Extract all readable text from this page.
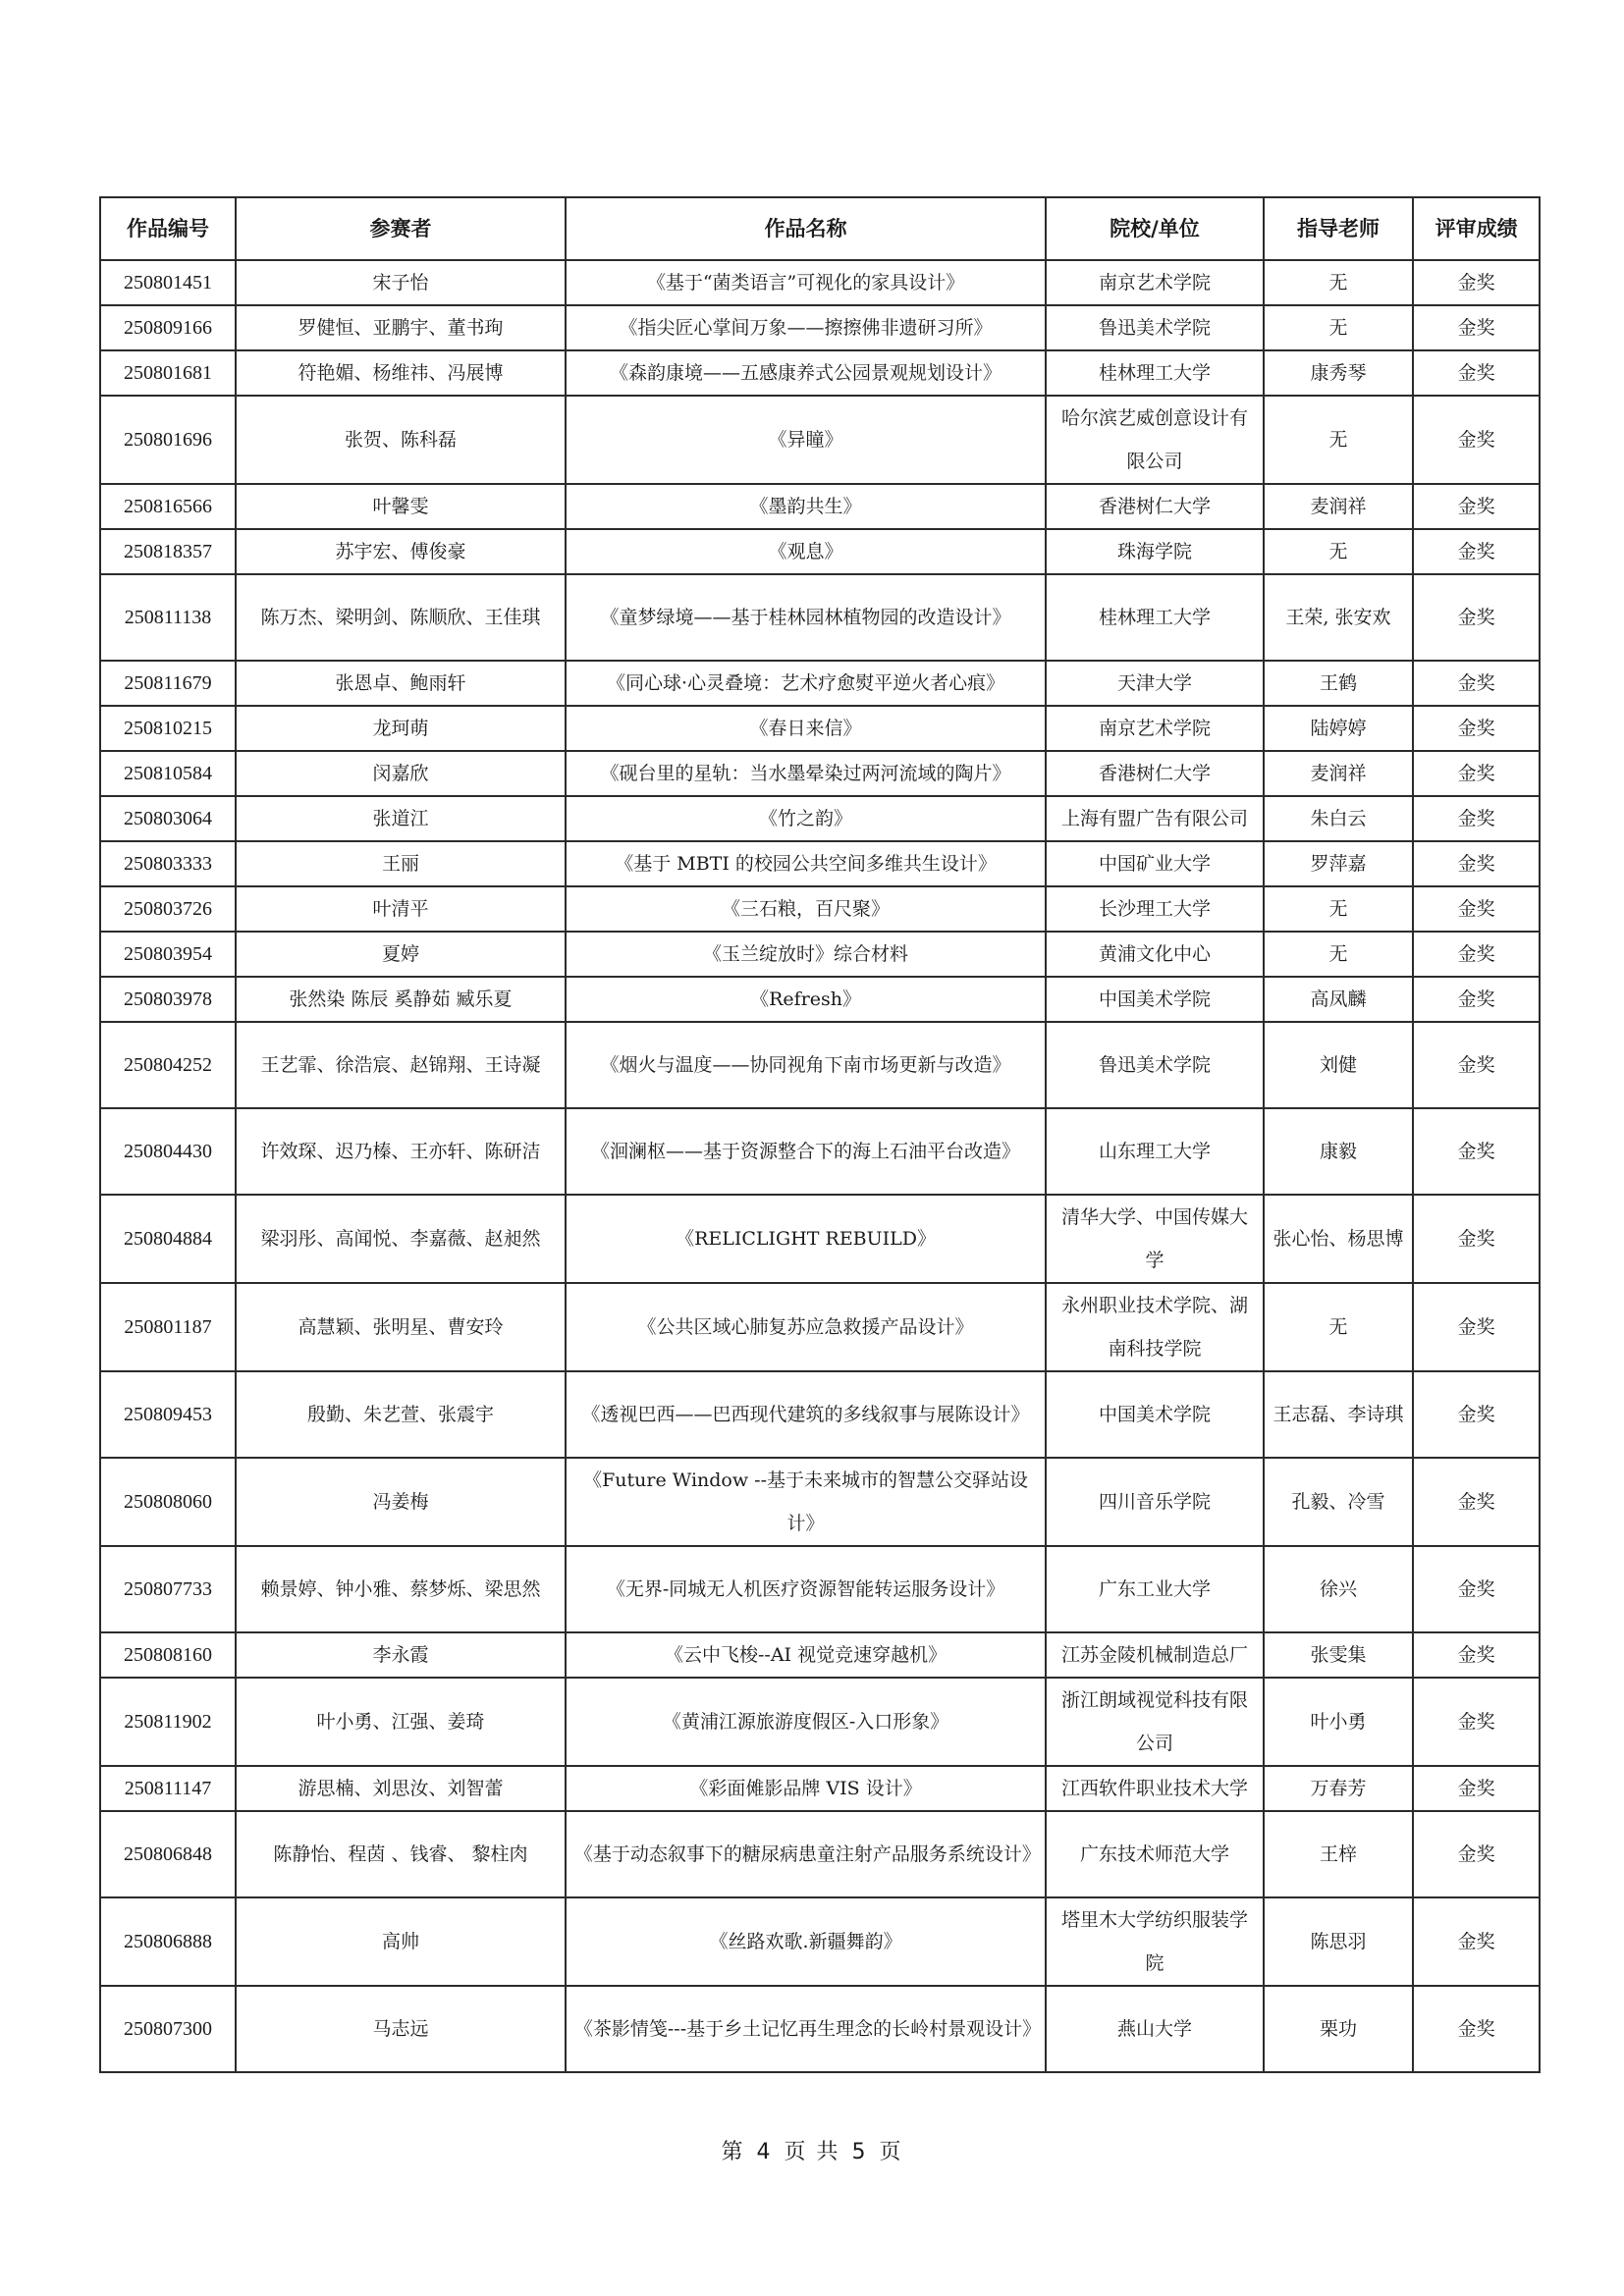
作品编号	参赛者	作品名称	院校/单位	指导老师	评审成绩
250801451	宋子怡	《基于“菌类语言”可视化的家具设计》	南京艺术学院	无	金奖
250809166	罗健恒、亚鹏宇、董书珣	《指尖匠心掌间万象——擦擦佛非遗研习所》	鲁迅美术学院	无	金奖
250801681	符艳媚、杨维祎、冯展博	《森韵康境——五感康养式公园景观规划设计》	桂林理工大学	康秀琴	金奖
250801696	张贺、陈科磊	《异瞳》	哈尔滨艺威创意设计有限公司	无	金奖
250816566	叶馨雯	《墨韵共生》	香港树仁大学	麦润祥	金奖
250818357	苏宇宏、傅俊豪	《观息》	珠海学院	无	金奖
250811138	陈万杰、梁明剑、陈顺欣、王佳琪	《童梦绿境——基于桂林园林植物园的改造设计》	桂林理工大学	王荣, 张安欢	金奖
250811679	张恩卓、鲍雨轩	《同心球·心灵叠境：艺术疗愈熨平逆火者心痕》	天津大学	王鹤	金奖
250810215	龙珂萌	《春日来信》	南京艺术学院	陆婷婷	金奖
250810584	闵嘉欣	《砚台里的星轨：当水墨晕染过两河流域的陶片》	香港树仁大学	麦润祥	金奖
250803064	张道江	《竹之韵》	上海有盟广告有限公司	朱白云	金奖
250803333	王丽	《基于 MBTI 的校园公共空间多维共生设计》	中国矿业大学	罗萍嘉	金奖
250803726	叶清平	《三石粮，百尺聚》	长沙理工大学	无	金奖
250803954	夏婷	《玉兰绽放时》综合材料	黄浦文化中心	无	金奖
250803978	张然染 陈辰 奚静茹 臧乐夏	《Refresh》	中国美术学院	高凤麟	金奖
250804252	王艺霏、徐浩宸、赵锦翔、王诗凝	《烟火与温度——协同视角下南市场更新与改造》	鲁迅美术学院	刘健	金奖
250804430	许效琛、迟乃榛、王亦轩、陈研洁	《洄澜枢——基于资源整合下的海上石油平台改造》	山东理工大学	康毅	金奖
250804884	梁羽彤、高闻悦、李嘉薇、赵昶然	《RELICLIGHT REBUILD》	清华大学、中国传媒大学	张心怡、杨思博	金奖
250801187	高慧颖、张明星、曹安玲	《公共区域心肺复苏应急救援产品设计》	永州职业技术学院、湖南科技学院	无	金奖
250809453	殷勤、朱艺萱、张震宇	《透视巴西——巴西现代建筑的多线叙事与展陈设计》	中国美术学院	王志磊、李诗琪	金奖
250808060	冯姜梅	《Future Window --基于未来城市的智慧公交驿站设计》	四川音乐学院	孔毅、冷雪	金奖
250807733	赖景婷、钟小雅、蔡梦烁、梁思然	《无界-同城无人机医疗资源智能转运服务设计》	广东工业大学	徐兴	金奖
250808160	李永霞	《云中飞梭--AI 视觉竞速穿越机》	江苏金陵机械制造总厂	张雯集	金奖
250811902	叶小勇、江强、姜琦	《黄浦江源旅游度假区-入口形象》	浙江朗域视觉科技有限公司	叶小勇	金奖
250811147	游思楠、刘思汝、刘智蕾	《彩面傩影品牌 VIS 设计》	江西软件职业技术大学	万春芳	金奖
250806848	陈静怡、程茵 、钱睿、 黎柱肉	《基于动态叙事下的糖尿病患童注射产品服务系统设计》	广东技术师范大学	王梓	金奖
250806888	高帅	《丝路欢歌.新疆舞韵》	塔里木大学纺织服装学院	陈思羽	金奖
250807300	马志远	《茶影情笺---基于乡土记忆再生理念的长岭村景观设计》	燕山大学	栗功	金奖
第 4 页 共 5 页
